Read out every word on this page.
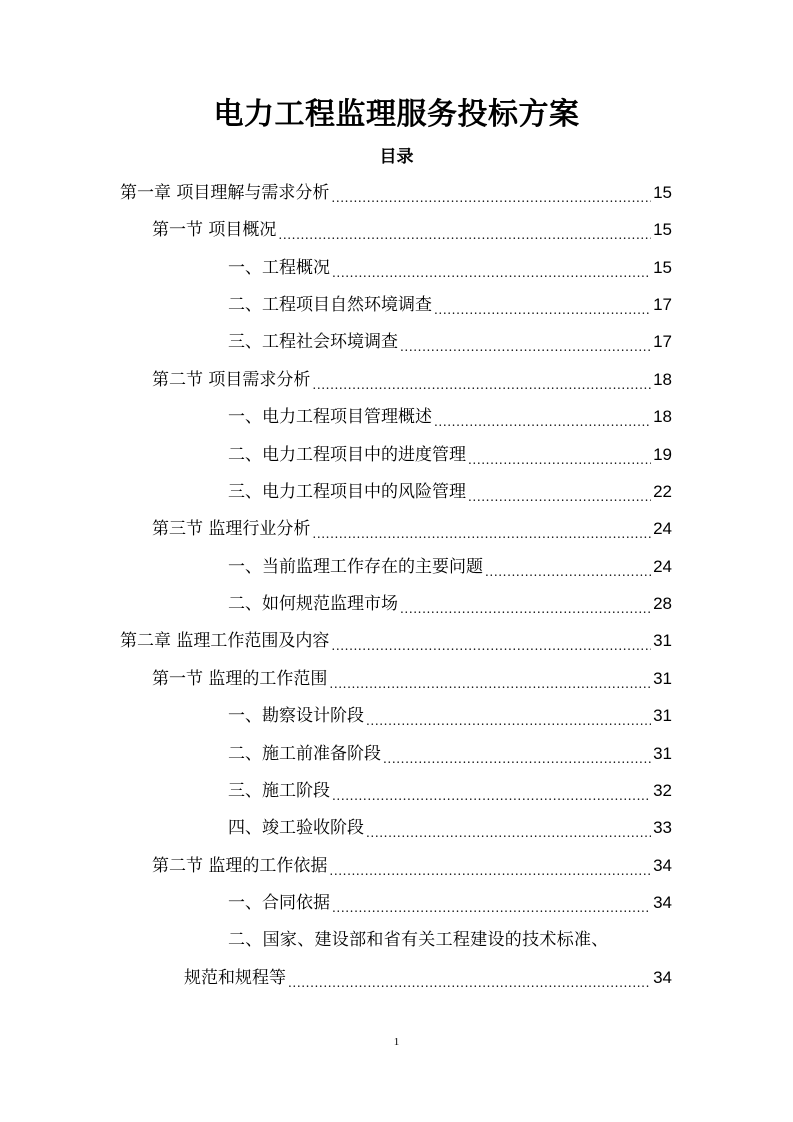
电力工程监理服务投标方案
目录
第一章 项目理解与需求分析 .....	15
第一节 项目概况 .....	15
一、工程概况 .....	15
二、工程项目自然环境调查 .....	17
三、工程社会环境调查 .....	17
第二节 项目需求分析 .....	18
一、电力工程项目管理概述 .....	18
二、电力工程项目中的进度管理 .....	19
三、电力工程项目中的风险管理 .....	22
第三节 监理行业分析 .....	24
一、当前监理工作存在的主要问题 .....	24
二、如何规范监理市场 .....	28
第二章 监理工作范围及内容 .....	31
第一节 监理的工作范围 .....	31
一、勘察设计阶段 .....	31
二、施工前准备阶段 .....	31
三、施工阶段 .....	32
四、竣工验收阶段 .....	33
第二节 监理的工作依据 .....	34
一、合同依据 .....	34
二、国家、建设部和省有关工程建设的技术标准、
规范和规程等 .....	34
1
